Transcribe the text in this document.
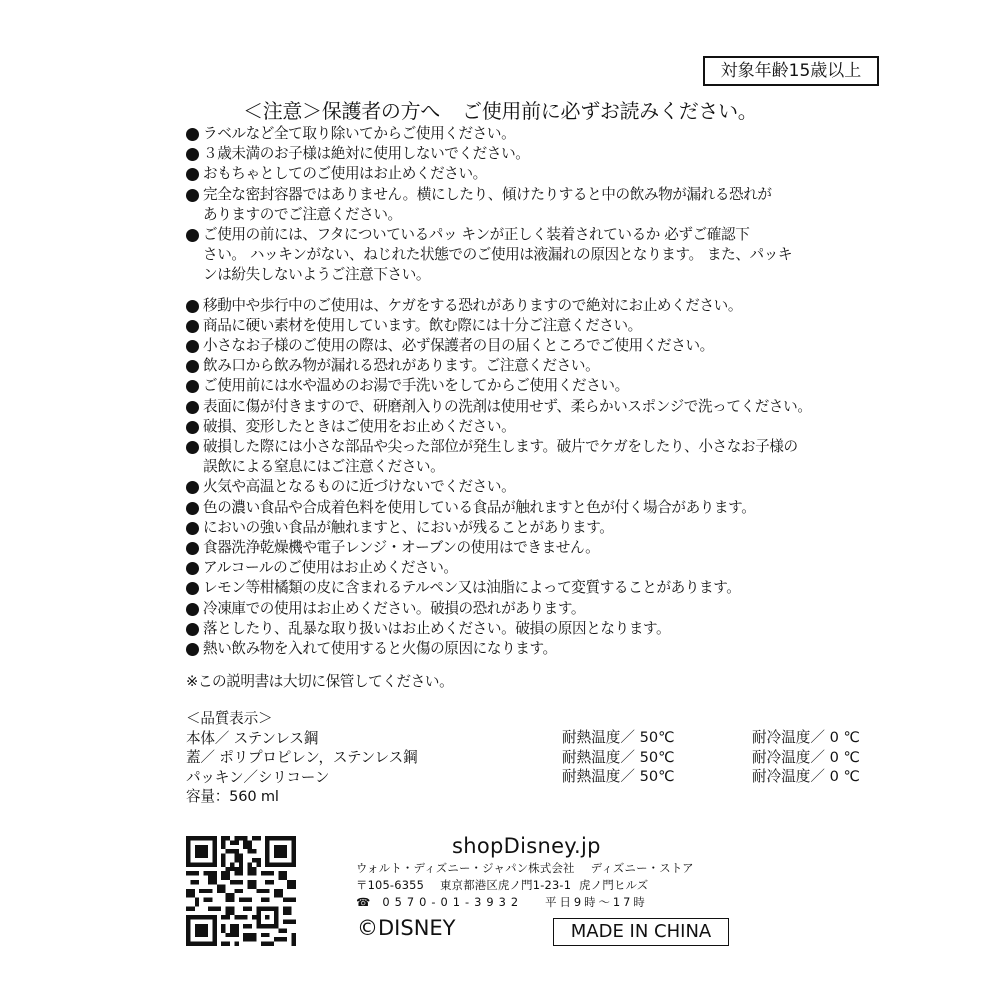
対象年齢15歳以上
＜注意＞保護者の方へ ご使用前に必ずお読みください。
ラベルなど全て取り除いてからご使用ください。
３歳未満のお子様は絶対に使用しないでください。
おもちゃとしてのご使用はお止めください。
完全な密封容器ではありません。横にしたり、傾けたりすると中の飲み物が漏れる恐れが
ありますのでご注意ください。
ご使用の前には、フタについているパッ キンが正しく装着されているか 必ずご確認下
さい。 ハッキンがない、ねじれた状態でのご使用は液漏れの原因となります。 また、パッキ
ンは紛失しないようご注意下さい。
移動中や歩行中のご使用は、ケガをする恐れがありますので絶対にお止めください。
商品に硬い素材を使用しています。飲む際には十分ご注意ください。
小さなお子様のご使用の際は、必ず保護者の目の届くところでご使用ください。
飲み口から飲み物が漏れる恐れがあります。ご注意ください。
ご使用前には水や温めのお湯で手洗いをしてからご使用ください。
表面に傷が付きますので、研磨剤入りの洗剤は使用せず、柔らかいスポンジで洗ってください。
破損、変形したときはご使用をお止めください。
破損した際には小さな部品や尖った部位が発生します。破片でケガをしたり、小さなお子様の
誤飲による窒息にはご注意ください。
火気や高温となるものに近づけないでください。
色の濃い食品や合成着色料を使用している食品が触れますと色が付く場合があります。
においの強い食品が触れますと、においが残ることがあります。
食器洗浄乾燥機や電子レンジ・オーブンの使用はできません。
アルコールのご使用はお止めください。
レモン等柑橘類の皮に含まれるテルペン又は油脂によって変質することがあります。
冷凍庫での使用はお止めください。破損の恐れがあります。
落としたり、乱暴な取り扱いはお止めください。破損の原因となります。
熱い飲み物を入れて使用すると火傷の原因になります。
※この説明書は大切に保管してください。
＜品質表示＞
本体／ ステンレス鋼
蓋／ ポリプロピレン，ステンレス鋼
パッキン／シリコーン
容量：560 ml
耐熱温度／ 50℃
耐熱温度／ 50℃
耐熱温度／ 50℃
耐冷温度／ 0 ℃
耐冷温度／ 0 ℃
耐冷温度／ 0 ℃
shopDisney.jp
ウォルト・ディズニー・ジャパン株式会社 ディズニー・ストア
〒105-6355 東京都港区虎ノ門1-23-1 虎ノ門ヒルズ
☎ 0570-01-3932 平日9時～17時
©DISNEY	MADE IN CHINA
